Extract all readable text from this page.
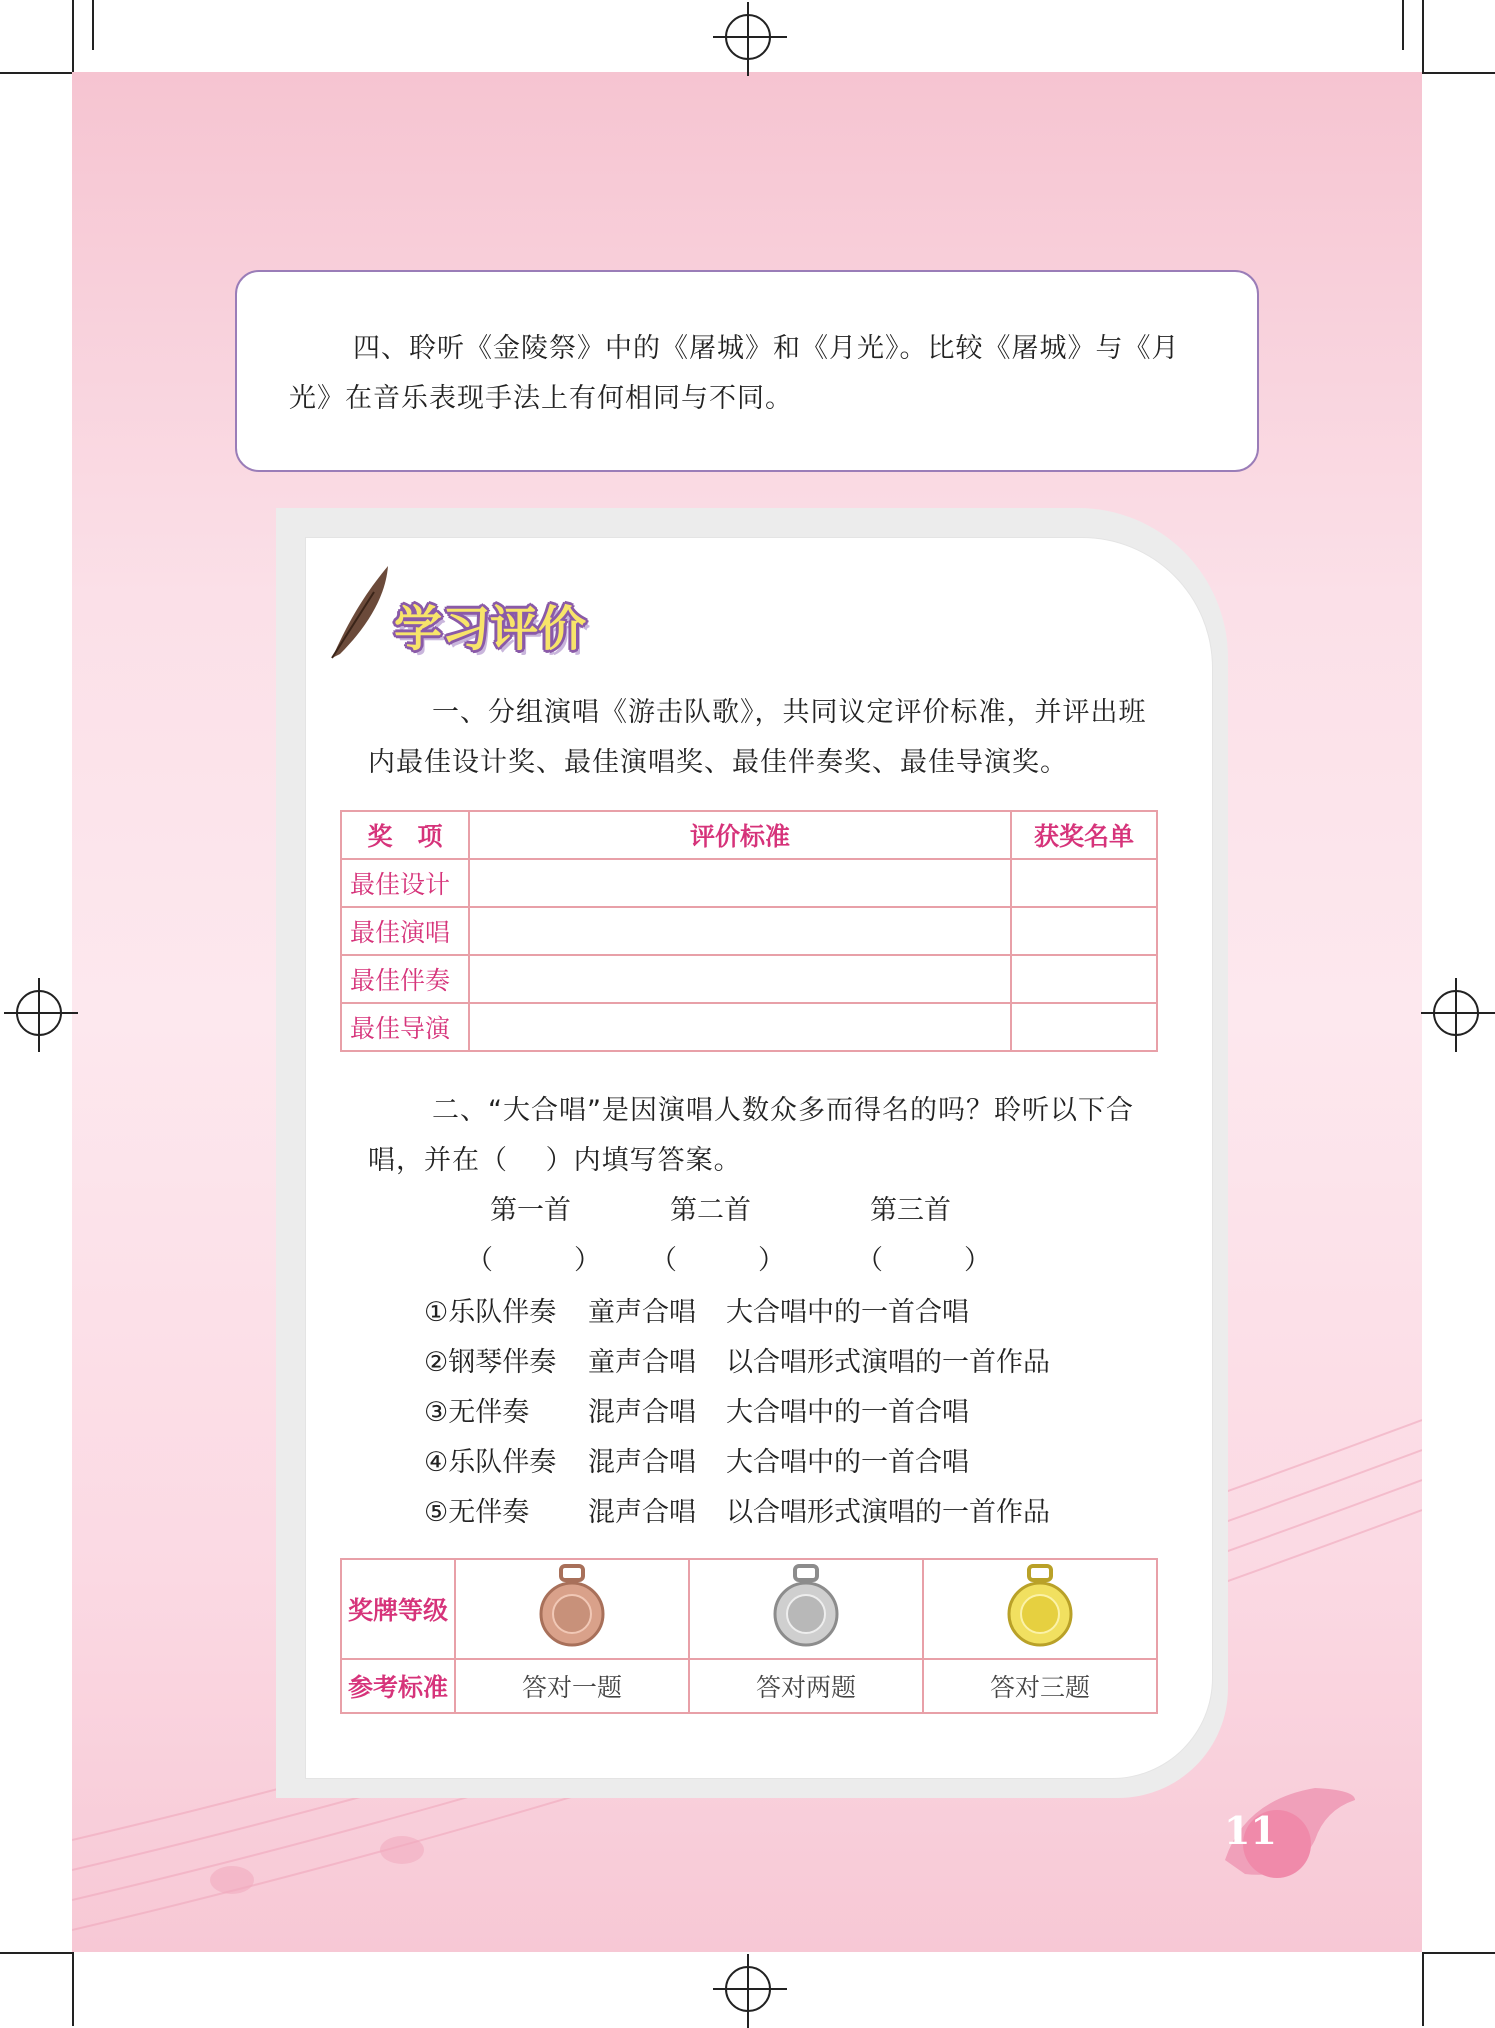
四、聆听《金陵祭》中的《屠城》和《月光》。比较《屠城》与《月光》在音乐表现手法上有何相同与不同。
学习评价
一、分组演唱《游击队歌》，共同议定评价标准，并评出班内最佳设计奖、最佳演唱奖、最佳伴奏奖、最佳导演奖。
奖　项	评价标准	获奖名单
最佳设计		
最佳演唱		
最佳伴奏		
最佳导演		
二、“大合唱”是因演唱人数众多而得名的吗？聆听以下合唱，并在（　 ）内填写答案。
第一首	第二首	第三首
（　　　） （　　　）	（　　　）
①乐队伴奏 童声合唱 大合唱中的一首合唱
②钢琴伴奏 童声合唱 以合唱形式演唱的一首作品
③无伴奏 混声合唱 大合唱中的一首合唱
④乐队伴奏 混声合唱 大合唱中的一首合唱
⑤无伴奏 混声合唱 以合唱形式演唱的一首作品
奖牌等级			
参考标准	答对一题	答对两题	答对三题
11
